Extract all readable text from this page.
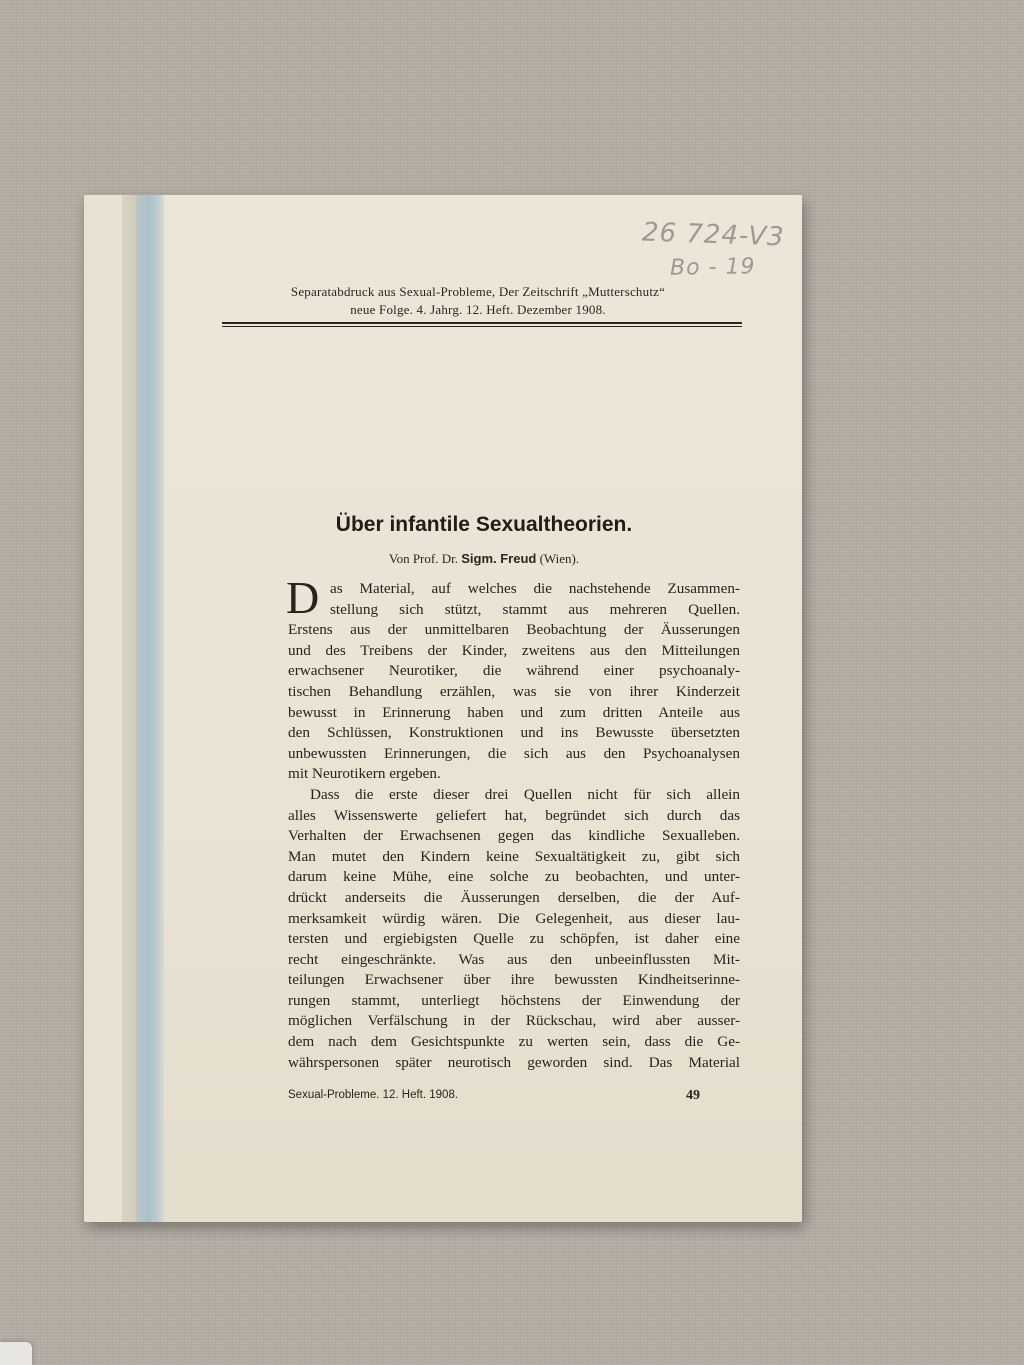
26 724-V3
Bo - 19
Separatabdruck aus Sexual-Probleme, Der Zeitschrift „Mutterschutz“
neue Folge. 4. Jahrg. 12. Heft. Dezember 1908.
Über infantile Sexualtheorien.
Von Prof. Dr. Sigm. Freud (Wien).
D as Material, auf welches die nachstehende Zusammen-
stellung sich stützt, stammt aus mehreren Quellen.
Erstens aus der unmittelbaren Beobachtung der Äusserungen
und des Treibens der Kinder, zweitens aus den Mitteilungen
erwachsener Neurotiker, die während einer psychoanaly-
tischen Behandlung erzählen, was sie von ihrer Kinderzeit
bewusst in Erinnerung haben und zum dritten Anteile aus
den Schlüssen, Konstruktionen und ins Bewusste übersetzten
unbewussten Erinnerungen, die sich aus den Psychoanalysen
mit Neurotikern ergeben.
Dass die erste dieser drei Quellen nicht für sich allein
alles Wissenswerte geliefert hat, begründet sich durch das
Verhalten der Erwachsenen gegen das kindliche Sexualleben.
Man mutet den Kindern keine Sexualtätigkeit zu, gibt sich
darum keine Mühe, eine solche zu beobachten, und unter-
drückt anderseits die Äusserungen derselben, die der Auf-
merksamkeit würdig wären. Die Gelegenheit, aus dieser lau-
tersten und ergiebigsten Quelle zu schöpfen, ist daher eine
recht eingeschränkte. Was aus den unbeeinflussten Mit-
teilungen Erwachsener über ihre bewussten Kindheitserinne-
rungen stammt, unterliegt höchstens der Einwendung der
möglichen Verfälschung in der Rückschau, wird aber ausser-
dem nach dem Gesichtspunkte zu werten sein, dass die Ge-
währspersonen später neurotisch geworden sind. Das Material
Sexual-Probleme. 12. Heft. 1908.	49
